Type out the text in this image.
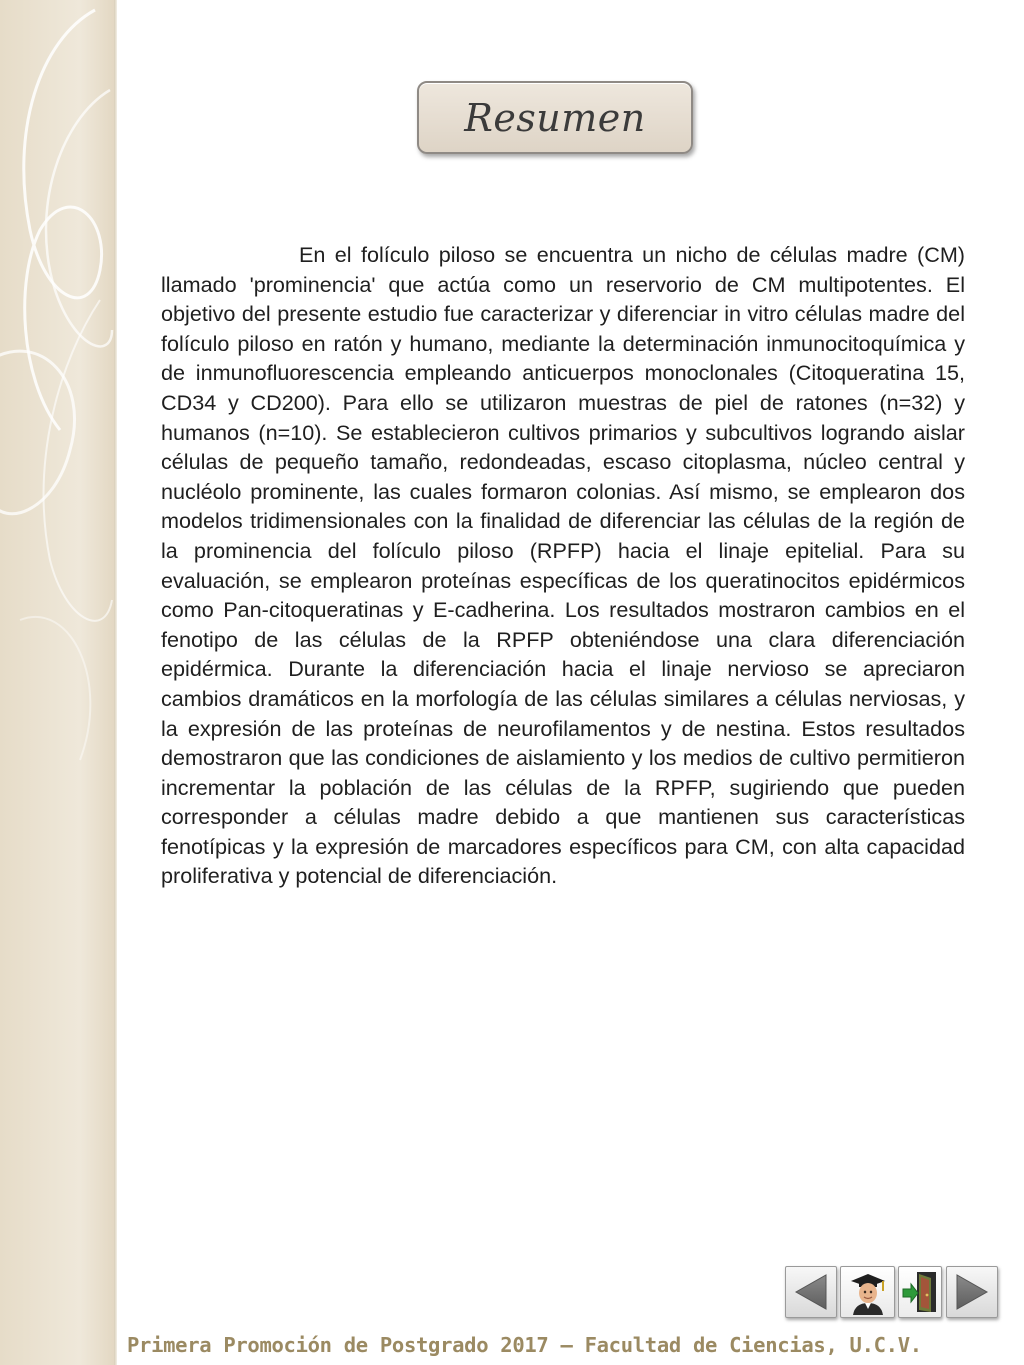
Resumen

En el folículo piloso se encuentra un nicho de células madre (CM) llamado 'prominencia' que actúa como un reservorio de CM multipotentes. El objetivo del presente estudio fue caracterizar y diferenciar in vitro células madre del folículo piloso en ratón y humano, mediante la determinación inmunocitoquímica y de inmunofluorescencia empleando anticuerpos monoclonales (Citoqueratina 15, CD34 y CD200). Para ello se utilizaron muestras de piel de ratones (n=32) y humanos (n=10). Se establecieron cultivos primarios y subcultivos logrando aislar células de pequeño tamaño, redondeadas, escaso citoplasma, núcleo central y nucléolo prominente, las cuales formaron colonias. Así mismo, se emplearon dos modelos tridimensionales con la finalidad de diferenciar las células de la región de la prominencia del folículo piloso (RPFP) hacia el linaje epitelial. Para su evaluación, se emplearon proteínas específicas de los queratinocitos epidérmicos como Pan-citoqueratinas y E-cadherina. Los resultados mostraron cambios en el fenotipo de las células de la RPFP obteniéndose una clara diferenciación epidérmica. Durante la diferenciación hacia el linaje nervioso se apreciaron cambios dramáticos en la morfología de las células similares a células nerviosas, y la expresión de las proteínas de neurofilamentos y de nestina. Estos resultados demostraron que las condiciones de aislamiento y los medios de cultivo permitieron incrementar la población de las células de la RPFP, sugiriendo que pueden corresponder a células madre debido a que mantienen sus características fenotípicas y la expresión de marcadores específicos para CM, con alta capacidad proliferativa y potencial de diferenciación.

Primera Promoción de Postgrado 2017 – Facultad de Ciencias, U.C.V.
